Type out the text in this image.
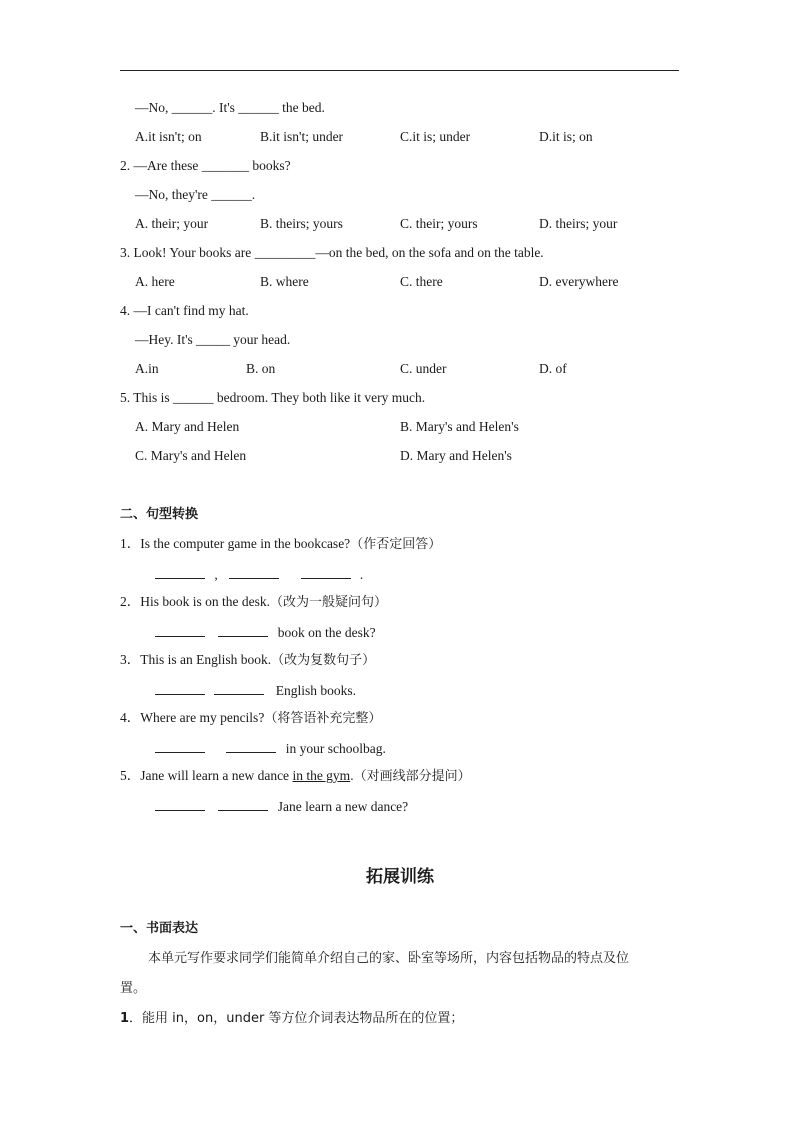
—No, ______. It's ______ the bed.
A.it isn't; on	B.it isn't; under	C.it is; under	D.it is; on
2. —Are these _______ books?
—No, they're ______.
A. their; your	B. theirs; yours	C. their; yours	D. theirs; your
3. Look! Your books are _________—on the bed, on the sofa and on the table.
A. here	B. where	C. there	D. everywhere
4. —I can't find my hat.
—Hey. It's _____ your head.
A.in	B. on	C. under	D. of
5. This is ______ bedroom. They both like it very much.
A. Mary and Helen	B. Mary's and Helen's
C. Mary's and Helen	D. Mary and Helen's
二、句型转换
1．Is the computer game in the bookcase?（作否定回答）
,	.
2．His book is on the desk.（改为一般疑问句）
book on the desk?
3．This is an English book.（改为复数句子）
English books.
4．Where are my pencils?（将答语补充完整）
in your schoolbag.
5．Jane will learn a new dance in the gym.（对画线部分提问）
Jane learn a new dance?
拓展训练
一、书面表达
本单元写作要求同学们能简单介绍自己的家、卧室等场所，内容包括物品的特点及位
置。
1．能用 in，on，under 等方位介词表达物品所在的位置；
